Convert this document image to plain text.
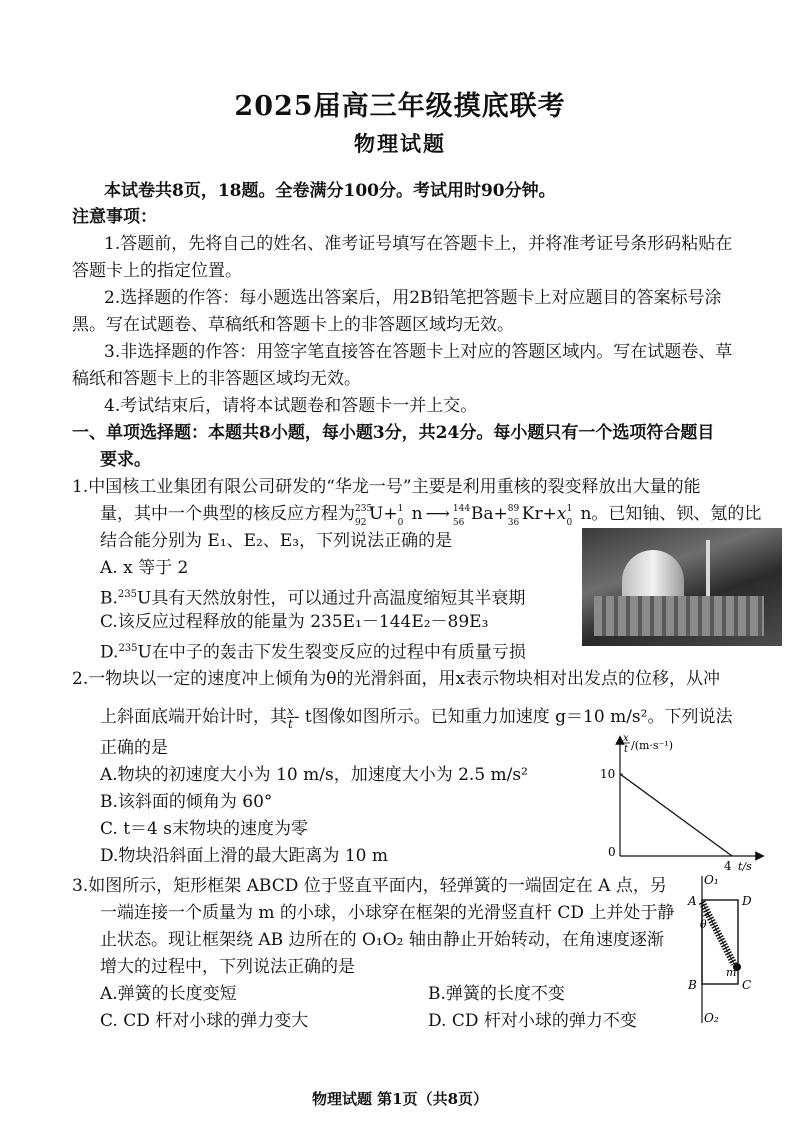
2025届高三年级摸底联考
物理试题
本试卷共8页，18题。全卷满分100分。考试用时90分钟。
注意事项：
1.答题前，先将自己的姓名、准考证号填写在答题卡上，并将准考证号条形码粘贴在
答题卡上的指定位置。
2.选择题的作答：每小题选出答案后，用2B铅笔把答题卡上对应题目的答案标号涂
黑。写在试题卷、草稿纸和答题卡上的非答题区域均无效。
3.非选择题的作答：用签字笔直接答在答题卡上对应的答题区域内。写在试题卷、草
稿纸和答题卡上的非答题区域均无效。
4.考试结束后，请将本试题卷和答题卡一并上交。
一、单项选择题：本题共8小题，每小题3分，共24分。每小题只有一个选项符合题目
要求。
1.中国核工业集团有限公司研发的“华龙一号”主要是利用重核的裂变释放出大量的能
量，其中一个典型的核反应方程为 235
92 U+ 1
0 n ⟶ 144
56 Ba+ 89
36 Kr+x 1
0 n。已知铀、钡、氪的比
结合能分别为 E₁、E₂、E₃，下列说法正确的是
A. x 等于 2
B.$^{235}$U具有天然放射性，可以通过升高温度缩短其半衰期
C.该反应过程释放的能量为 235E₁－144E₂－89E₃
D.$^{235}$U在中子的轰击下发生裂变反应的过程中有质量亏损
2.一物块以一定的速度冲上倾角为θ的光滑斜面，用x表示物块相对出发点的位移，从冲
上斜面底端开始计时，其 $\frac{x}{t}$ - t图像如图所示。已知重力加速度 g＝10 m/s²。下列说法
正确的是
A.物块的初速度大小为 10 m/s，加速度大小为 2.5 m/s²
B.该斜面的倾角为 60°
C. t＝4 s末物块的速度为零
D.物块沿斜面上滑的最大距离为 10 m
x
t /(m·s⁻¹)
10
0
4 t/s
3.如图所示，矩形框架 ABCD 位于竖直平面内，轻弹簧的一端固定在 A 点，另
一端连接一个质量为 m 的小球，小球穿在框架的光滑竖直杆 CD 上并处于静
止状态。现让框架绕 AB 边所在的 O₁O₂ 轴由静止开始转动，在角速度逐渐
增大的过程中，下列说法正确的是
A.弹簧的长度变短	B.弹簧的长度不变
C. CD 杆对小球的弹力变大	D. CD 杆对小球的弹力不变
O₁
O₂
A
B	C
D
θ
m
物理试题 第1页（共8页）
